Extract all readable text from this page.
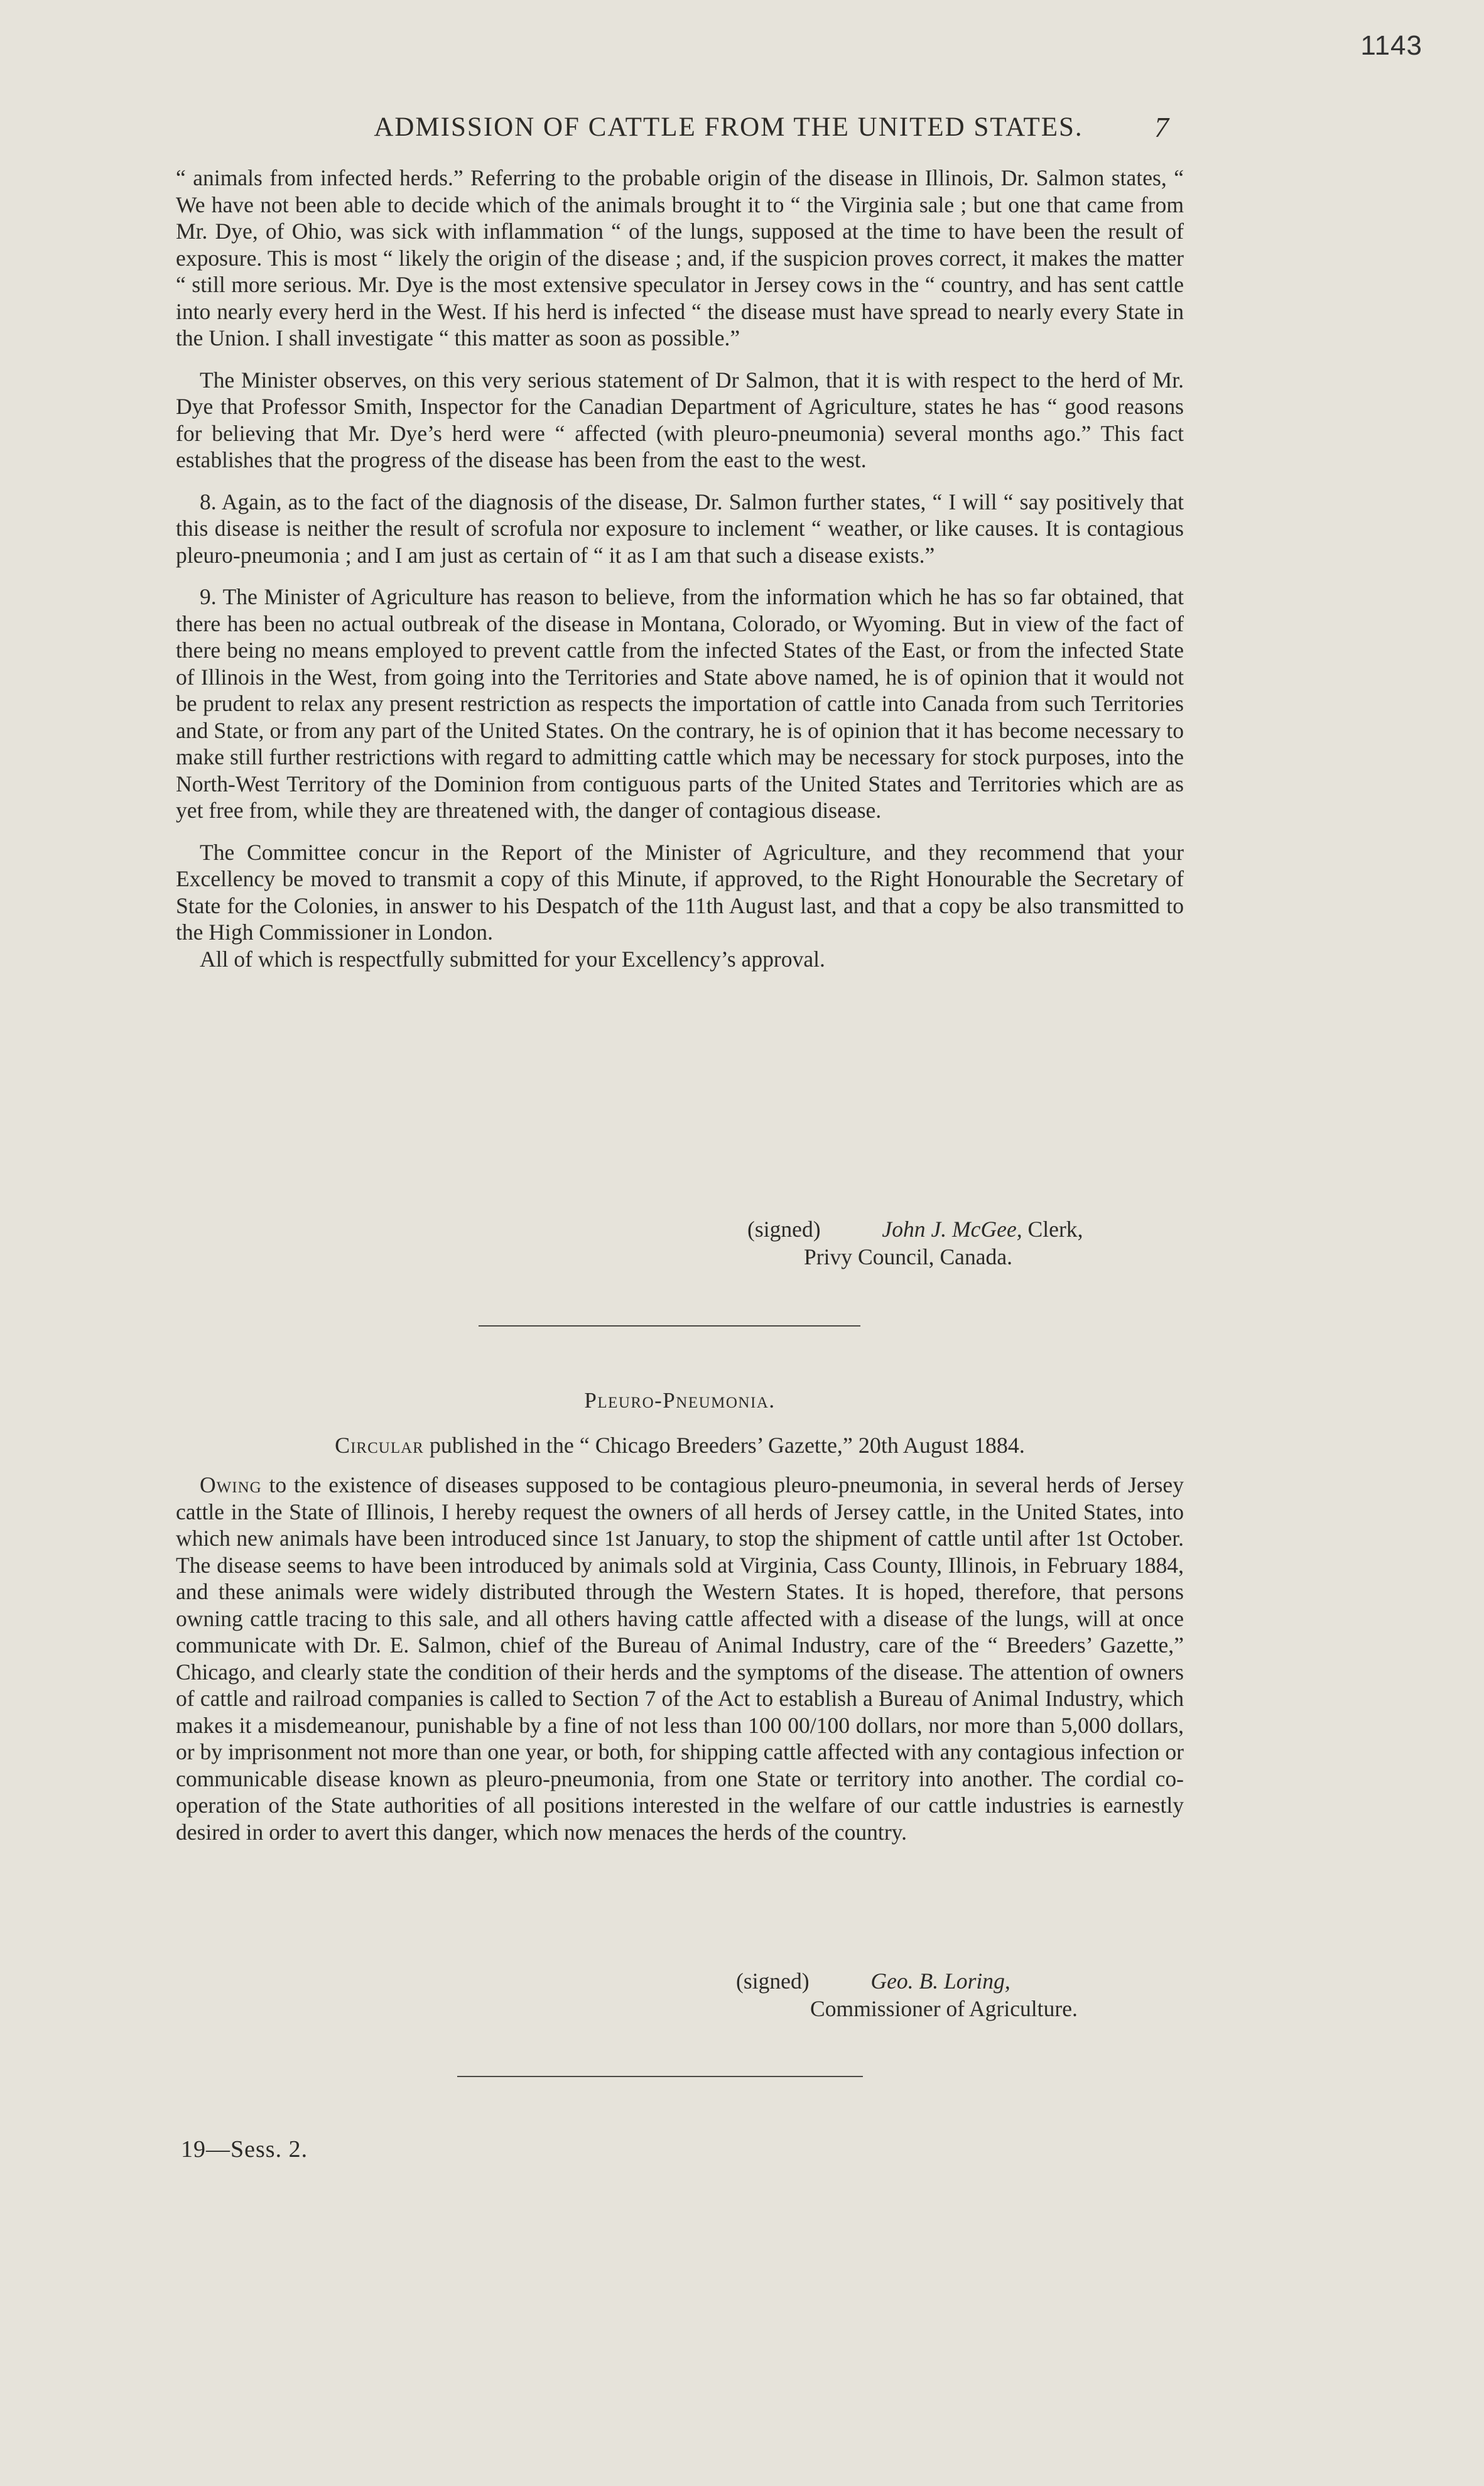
1143
ADMISSION OF CATTLE FROM THE UNITED STATES.	7

“ animals from infected herds.” Referring to the probable origin of the disease in Illinois, Dr. Salmon states, “ We have not been able to decide which of the animals brought it to “ the Virginia sale ; but one that came from Mr. Dye, of Ohio, was sick with inflammation “ of the lungs, supposed at the time to have been the result of exposure. This is most “ likely the origin of the disease ; and, if the suspicion proves correct, it makes the matter “ still more serious. Mr. Dye is the most extensive speculator in Jersey cows in the “ country, and has sent cattle into nearly every herd in the West. If his herd is infected “ the disease must have spread to nearly every State in the Union. I shall investigate “ this matter as soon as possible.”

The Minister observes, on this very serious statement of Dr Salmon, that it is with respect to the herd of Mr. Dye that Professor Smith, Inspector for the Canadian Department of Agriculture, states he has “ good reasons for believing that Mr. Dye’s herd were “ affected (with pleuro-pneumonia) several months ago.” This fact establishes that the progress of the disease has been from the east to the west.

8. Again, as to the fact of the diagnosis of the disease, Dr. Salmon further states, “ I will “ say positively that this disease is neither the result of scrofula nor exposure to inclement “ weather, or like causes. It is contagious pleuro-pneumonia ; and I am just as certain of “ it as I am that such a disease exists.”

9. The Minister of Agriculture has reason to believe, from the information which he has so far obtained, that there has been no actual outbreak of the disease in Montana, Colorado, or Wyoming. But in view of the fact of there being no means employed to prevent cattle from the infected States of the East, or from the infected State of Illinois in the West, from going into the Territories and State above named, he is of opinion that it would not be prudent to relax any present restriction as respects the importation of cattle into Canada from such Territories and State, or from any part of the United States. On the contrary, he is of opinion that it has become necessary to make still further restrictions with regard to admitting cattle which may be necessary for stock purposes, into the North-West Territory of the Dominion from contiguous parts of the United States and Territories which are as yet free from, while they are threatened with, the danger of contagious disease.

The Committee concur in the Report of the Minister of Agriculture, and they recommend that your Excellency be moved to transmit a copy of this Minute, if approved, to the Right Honourable the Secretary of State for the Colonies, in answer to his Despatch of the 11th August last, and that a copy be also transmitted to the High Commissioner in London.

All of which is respectfully submitted for your Excellency’s approval.

(signed)	John J. McGee, Clerk,
Privy Council, Canada.
Pleuro-Pneumonia.
Circular published in the “ Chicago Breeders’ Gazette,” 20th August 1884.

Owing to the existence of diseases supposed to be contagious pleuro-pneumonia, in several herds of Jersey cattle in the State of Illinois, I hereby request the owners of all herds of Jersey cattle, in the United States, into which new animals have been introduced since 1st January, to stop the shipment of cattle until after 1st October. The disease seems to have been introduced by animals sold at Virginia, Cass County, Illinois, in February 1884, and these animals were widely distributed through the Western States. It is hoped, therefore, that persons owning cattle tracing to this sale, and all others having cattle affected with a disease of the lungs, will at once communicate with Dr. E. Salmon, chief of the Bureau of Animal Industry, care of the “ Breeders’ Gazette,” Chicago, and clearly state the condition of their herds and the symptoms of the disease. The attention of owners of cattle and railroad companies is called to Section 7 of the Act to establish a Bureau of Animal Industry, which makes it a misdemeanour, punishable by a fine of not less than 100 00/100 dollars, nor more than 5,000 dollars, or by imprisonment not more than one year, or both, for shipping cattle affected with any contagious infection or communicable disease known as pleuro-pneumonia, from one State or territory into another. The cordial co-operation of the State authorities of all positions interested in the welfare of our cattle industries is earnestly desired in order to avert this danger, which now menaces the herds of the country.

(signed)	Geo. B. Loring,
Commissioner of Agriculture.
19—Sess. 2.
